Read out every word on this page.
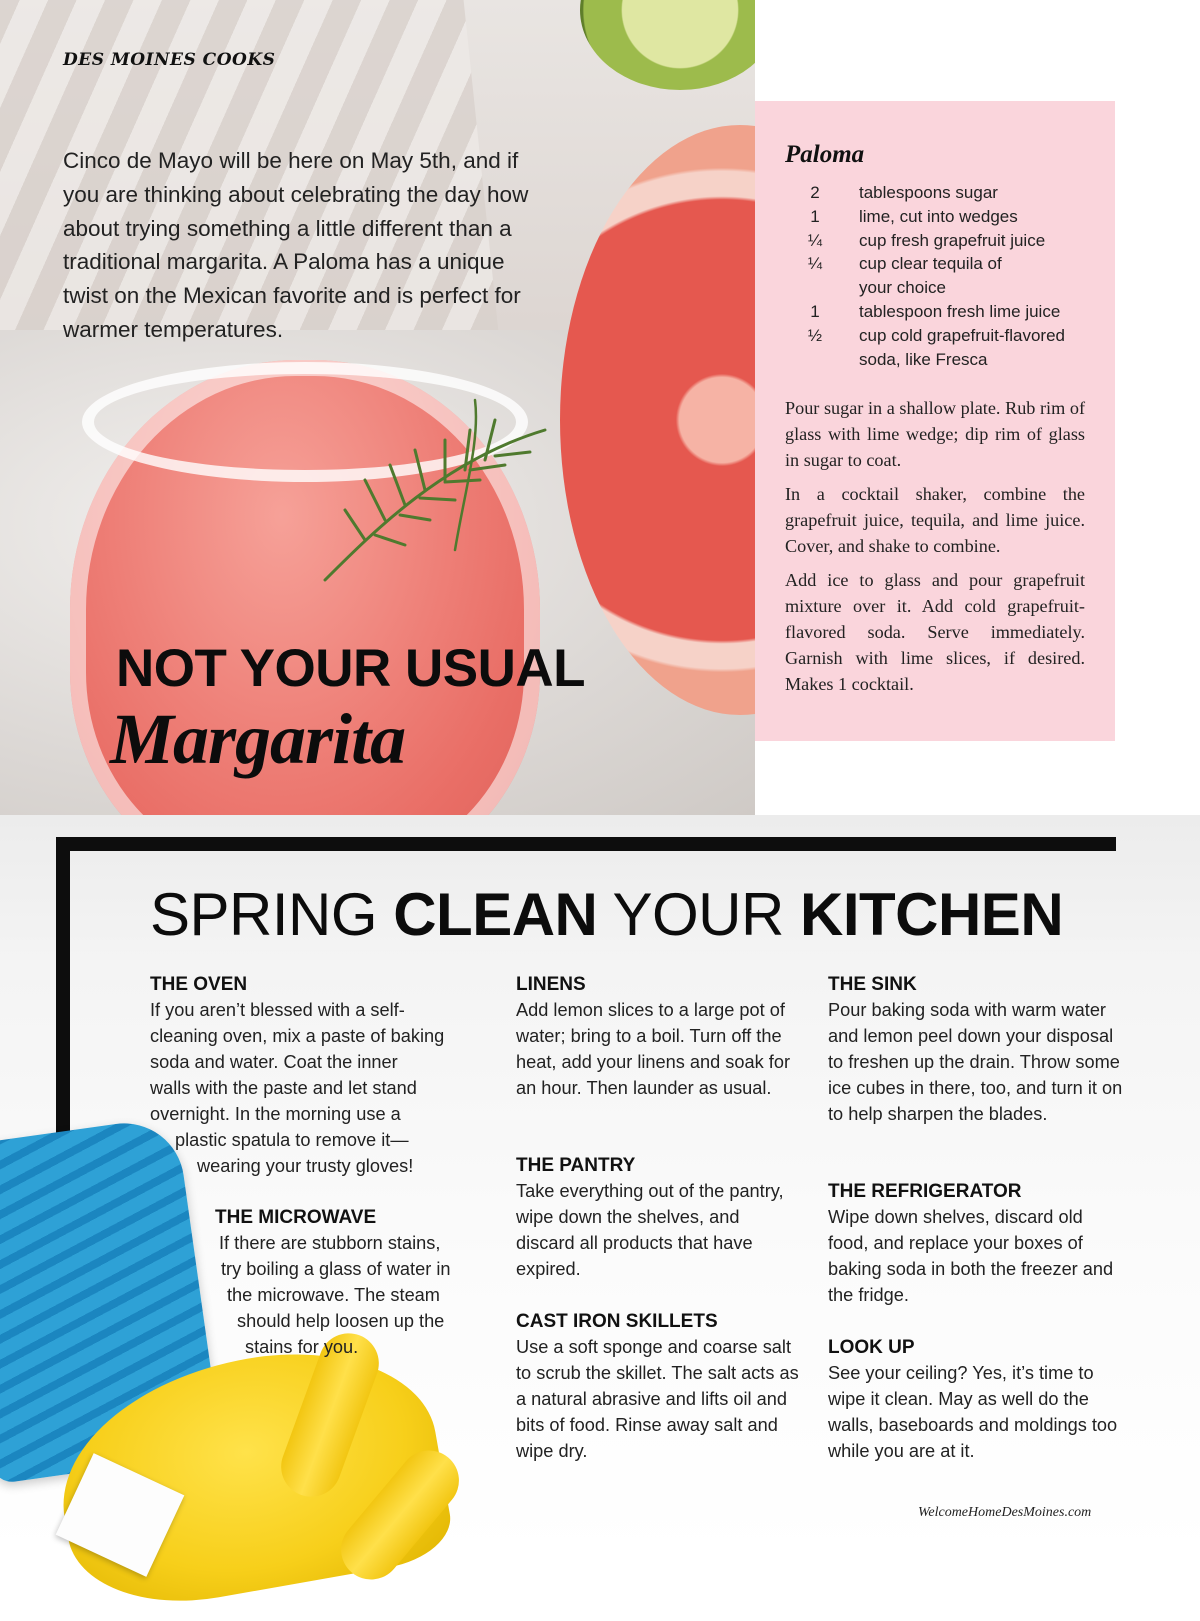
DES MOINES COOKS
Cinco de Mayo will be here on May 5th, and if you are thinking about celebrating the day how about trying something a little different than a traditional margarita. A Paloma has a unique twist on the Mexican favorite and is perfect for warmer temperatures.
NOT YOUR USUAL
Margarita
Paloma
2	tablespoons sugar
1	lime, cut into wedges
¼	cup fresh grapefruit juice
¼	cup clear tequila of your choice
1	tablespoon fresh lime juice
½	cup cold grapefruit-flavored soda, like Fresca

Pour sugar in a shallow plate. Rub rim of glass with lime wedge; dip rim of glass in sugar to coat.

In a cocktail shaker, combine the grapefruit juice, tequila, and lime juice. Cover, and shake to combine.

Add ice to glass and pour grapefruit mixture over it. Add cold grapefruit-flavored soda. Serve immediately. Garnish with lime slices, if desired. Makes 1 cocktail.

SPRING CLEAN YOUR KITCHEN
THE OVEN
If you aren’t blessed with a self-
cleaning oven, mix a paste of baking
soda and water. Coat the inner
walls with the paste and let stand
overnight. In the morning use a
plastic spatula to remove it—
wearing your trusty gloves!
THE MICROWAVE
If there are stubborn stains,
try boiling a glass of water in
the microwave. The steam
should help loosen up the
stains for you.
LINENS
Add lemon slices to a large pot of water; bring to a boil. Turn off the heat, add your linens and soak for an hour. Then launder as usual.
THE PANTRY
Take everything out of the pantry, wipe down the shelves, and discard all products that have expired.
CAST IRON SKILLETS
Use a soft sponge and coarse salt to scrub the skillet. The salt acts as a natural abrasive and lifts oil and bits of food. Rinse away salt and wipe dry.
THE SINK
Pour baking soda with warm water and lemon peel down your disposal to freshen up the drain. Throw some ice cubes in there, too, and turn it on to help sharpen the blades.
THE REFRIGERATOR
Wipe down shelves, discard old food, and replace your boxes of baking soda in both the freezer and the fridge.
LOOK UP
See your ceiling? Yes, it’s time to wipe it clean. May as well do the walls, baseboards and moldings too while you are at it.
WelcomeHomeDesMoines.com
